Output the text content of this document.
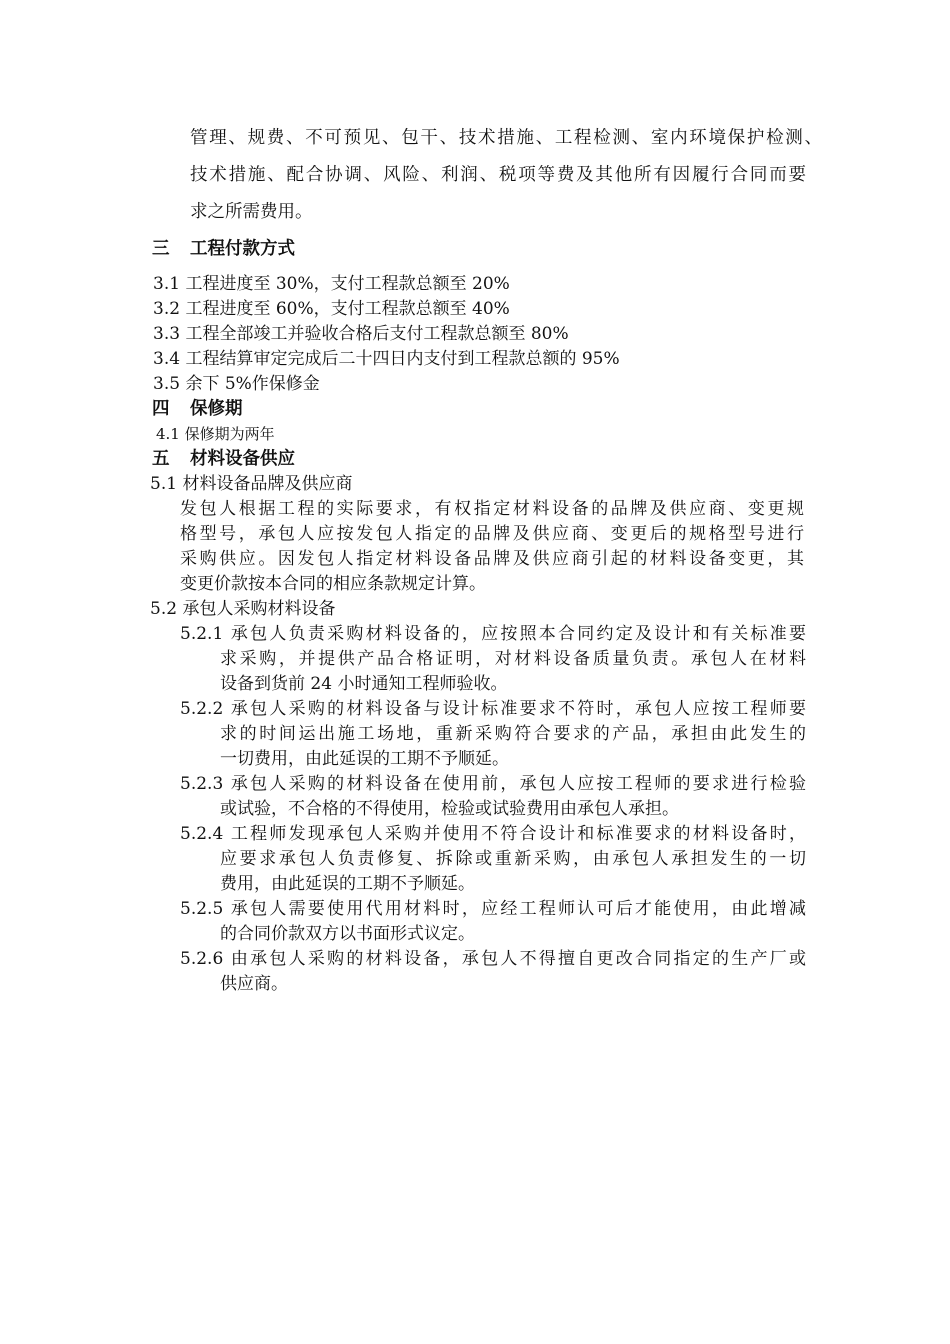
管理、规费、不可预见、包干、技术措施、工程检测、室内环境保护检测、
技术措施、配合协调、风险、利润、税项等费及其他所有因履行合同而要
求之所需费用。
三 工程付款方式
3.1 工程进度至 30%，支付工程款总额至 20%
3.2 工程进度至 60%，支付工程款总额至 40%
3.3 工程全部竣工并验收合格后支付工程款总额至 80%
3.4 工程结算审定完成后二十四日内支付到工程款总额的 95%
3.5 余下 5%作保修金
四 保修期
4.1 保修期为两年
五 材料设备供应
5.1 材料设备品牌及供应商
发包人根据工程的实际要求，有权指定材料设备的品牌及供应商、变更规
格型号，承包人应按发包人指定的品牌及供应商、变更后的规格型号进行
采购供应。因发包人指定材料设备品牌及供应商引起的材料设备变更，其
变更价款按本合同的相应条款规定计算。
5.2 承包人采购材料设备
5.2.1 承包人负责采购材料设备的，应按照本合同约定及设计和有关标准要
求采购，并提供产品合格证明，对材料设备质量负责。承包人在材料
设备到货前 24 小时通知工程师验收。
5.2.2 承包人采购的材料设备与设计标准要求不符时，承包人应按工程师要
求的时间运出施工场地，重新采购符合要求的产品，承担由此发生的
一切费用，由此延误的工期不予顺延。
5.2.3 承包人采购的材料设备在使用前，承包人应按工程师的要求进行检验
或试验，不合格的不得使用，检验或试验费用由承包人承担。
5.2.4 工程师发现承包人采购并使用不符合设计和标准要求的材料设备时，
应要求承包人负责修复、拆除或重新采购，由承包人承担发生的一切
费用，由此延误的工期不予顺延。
5.2.5 承包人需要使用代用材料时，应经工程师认可后才能使用，由此增减
的合同价款双方以书面形式议定。
5.2.6 由承包人采购的材料设备，承包人不得擅自更改合同指定的生产厂或
供应商。
